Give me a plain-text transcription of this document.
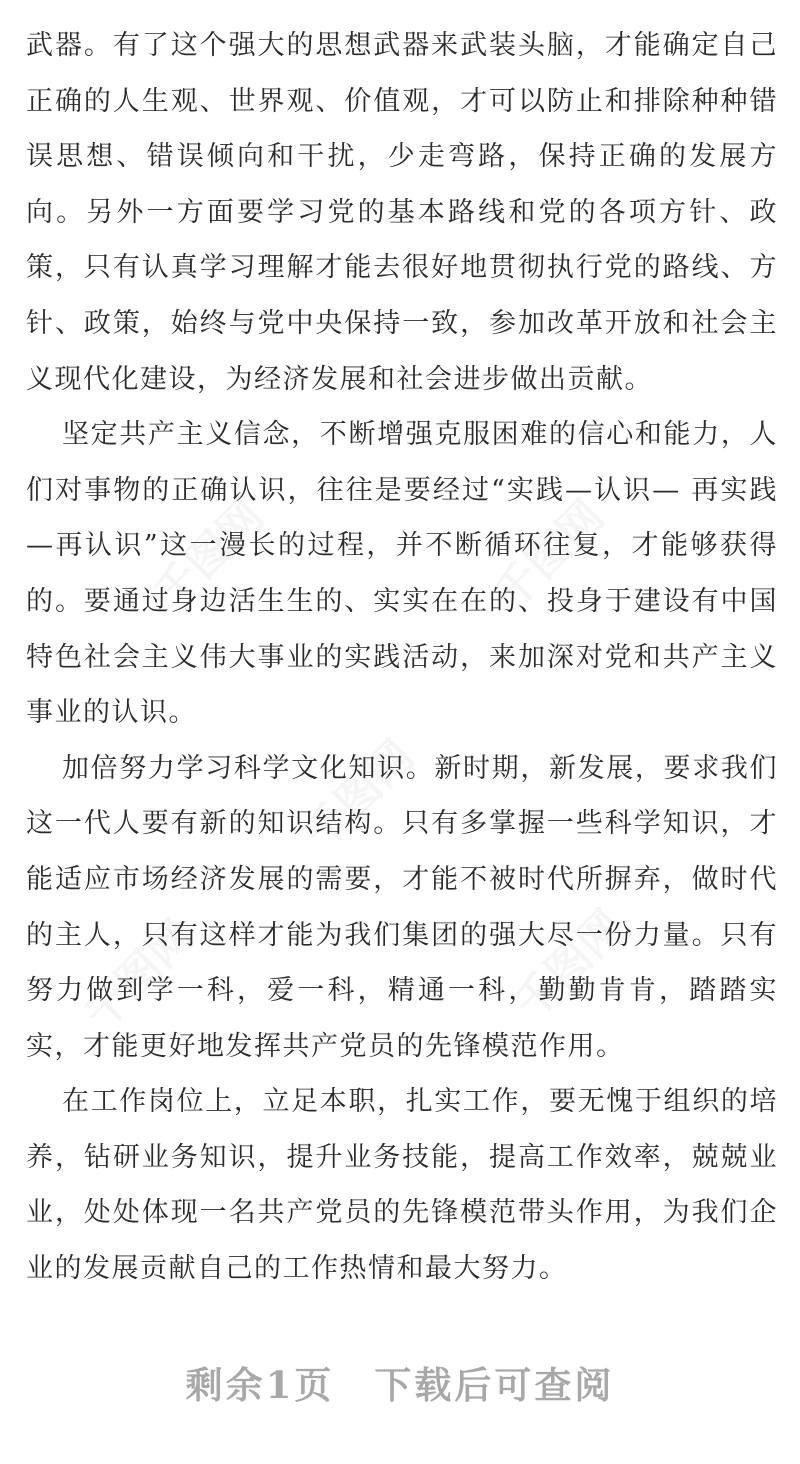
千图网	千图网
千图网
千图网	千图网

武器。有了这个强大的思想武器来武装头脑，才能确定自己正确的人生观、世界观、价值观，才可以防止和排除种种错误思想、错误倾向和干扰，少走弯路，保持正确的发展方向。另外一方面要学习党的基本路线和党的各项方针、政策，只有认真学习理解才能去很好地贯彻执行党的路线、方针、政策，始终与党中央保持一致，参加改革开放和社会主义现代化建设，为经济发展和社会进步做出贡献。

坚定共产主义信念，不断增强克服困难的信心和能力，人们对事物的正确认识，往往是要经过“实践—认识— 再实践—再认识”这一漫长的过程，并不断循环往复，才能够获得的。要通过身边活生生的、实实在在的、投身于建设有中国特色社会主义伟大事业的实践活动，来加深对党和共产主义事业的认识。

加倍努力学习科学文化知识。新时期，新发展，要求我们这一代人要有新的知识结构。只有多掌握一些科学知识，才能适应市场经济发展的需要，才能不被时代所摒弃，做时代的主人，只有这样才能为我们集团的强大尽一份力量。只有努力做到学一科，爱一科，精通一科，勤勤肯肯，踏踏实实，才能更好地发挥共产党员的先锋模范作用。

在工作岗位上，立足本职，扎实工作，要无愧于组织的培养，钻研业务知识，提升业务技能，提高工作效率，兢兢业业，处处体现一名共产党员的先锋模范带头作用，为我们企业的发展贡献自己的工作热情和最大努力。

剩余1页 下载后可查阅
